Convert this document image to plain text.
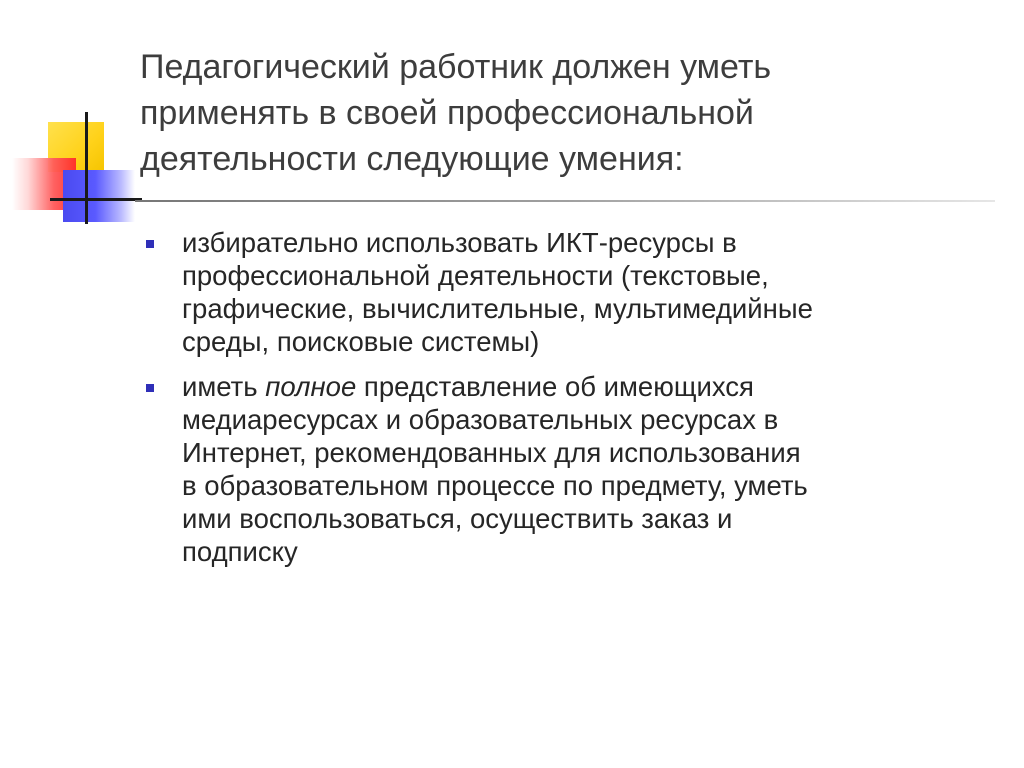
Педагогический работник должен уметь
применять в своей профессиональной
деятельности следующие умения:
избирательно использовать ИКТ-ресурсы в
профессиональной деятельности (текстовые,
графические, вычислительные, мультимедийные
среды, поисковые системы)
иметь полное представление об имеющихся
медиаресурсах и образовательных ресурсах в
Интернет, рекомендованных для использования
в образовательном процессе по предмету, уметь
ими воспользоваться, осуществить заказ и
подписку
